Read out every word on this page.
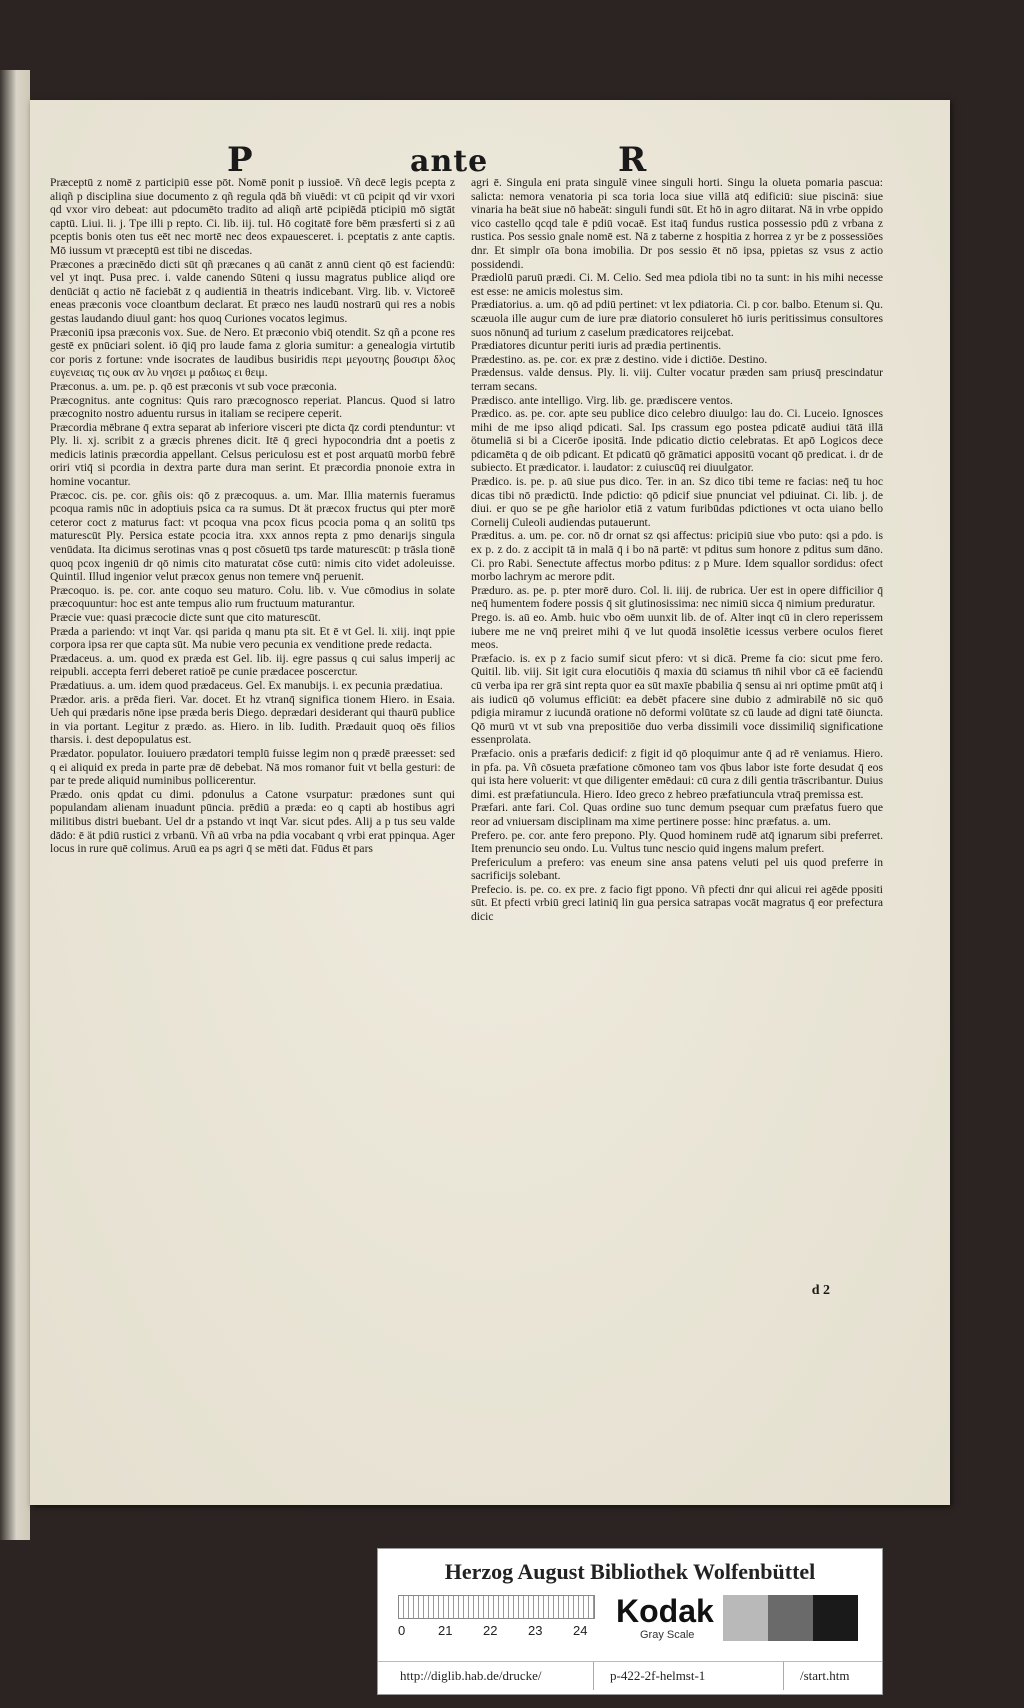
P	ante	R
Præceptū z nomē z participiū esse pōt. Nomē ponit p iussioē. Vñ decē legis pcepta z aliqñ p disciplina siue documento z qñ regula qdā bñ viuēdi: vt cū pcipit qd vir vxori qd vxor viro debeat: aut pdocumēto tradito ad aliqñ artē pcipiēdā pticipiū mō sigtāt captū. Liui. li. j. Tpe illi p repto. Ci. lib. iij. tul. Hō cogitatē fore bēm præsferti si z aū pceptis bonis oten tus eēt nec mortē nec deos expauesceret. i. pceptatis z ante captis. Mō iussum vt præceptū est tibi ne discedas.
Præcones a præcinēdo dicti sūt qñ præcanes q aū canāt z annū cient qō est faciendū: vel yt inqt. Pusa prec. i. valde canendo Sūteni q iussu magratus publice aliqd ore denūciāt q actio nē faciebāt z q audientiā in theatris indicebant. Virg. lib. v. Victoreē eneas præconis voce cloantbum declarat. Et præco nes laudū nostrarū qui res a nobis gestas laudando diuul gant: hos quoq Curiones vocatos legimus.
Præconiū ipsa præconis vox. Sue. de Nero. Et præconio vbiq̄ otendit. Sz qñ a pcone res gestē ex pnūciari solent. iō q̄iq̄ pro laude fama z gloria sumitur: a genealogia virtutib cor poris z fortune: vnde isocrates de laudibus busiridis περι μεγουτης βουσιρι δλος ευγενειας τις ουκ αν λυ νησει μ ραδιως ει θειμ.
Præconus. a. um. pe. p. qō est præconis vt sub voce præconia.
Præcognitus. ante cognitus: Quis raro præcognosco reperiat. Plancus. Quod si latro præcognito nostro aduentu rursus in italiam se recipere ceperit.
Præcordia mēbrane q̄ extra separat ab inferiore visceri pte dicta q̄z cordi ptenduntur: vt Ply. li. xj. scribit z a græcis phrenes dicit. Itē q̄ greci hypocondria dnt a poetis z medicis latinis præcordia appellant. Celsus periculosu est et post arquatū morbū febrē oriri vtiq̄ si pcordia in dextra parte dura man serint. Et præcordia pnonoie extra in homine vocantur.
Præcoc. cis. pe. cor. gñis ois: qō z præcoquus. a. um. Mar. Illia maternis fueramus pcoqua ramis nūc in adoptiuis psica ca ra sumus. Dt ät præcox fructus qui pter morē ceteror coct z maturus fact: vt pcoqua vna pcox ficus pcocia poma q an solitū tps maturescūt Ply. Persica estate pcocia itra. xxx annos repta z pmo denarijs singula venūdata. Ita dicimus serotinas vnas q post cōsuetū tps tarde maturescūt: p trāsla tionē quoq pcox ingeniū dr qō nimis cito maturatat cōse cutū: nimis cito videt adoleuisse. Quintil. Illud ingenior velut præcox genus non temere vnq̄ peruenit.
Præcoquo. is. pe. cor. ante coquo seu maturo. Colu. lib. v. Vue cōmodius in solate præcoquuntur: hoc est ante tempus alio rum fructuum maturantur.
Præcie vue: quasi præcocie dicte sunt que cito maturescūt.
Præda a pariendo: vt inqt Var. qsi parida q manu pta sit. Et ē vt Gel. li. xiij. inqt ppie corpora ipsa rer que capta sūt. Ma nubie vero pecunia ex venditione prede redacta.
Prædaceus. a. um. quod ex præda est Gel. lib. iij. egre passus q cui salus imperij ac reipubli. accepta ferri deberet ratioē pe cunie prædacee poscerctur.
Prædatiuus. a. um. idem quod prædaceus. Gel. Ex manubijs. i. ex pecunia prædatiua.
Prædor. aris. a prēda fieri. Var. docet. Et hz vtranq̄ significa tionem Hiero. in Esaia. Ueh qui prædaris nōne ipse præda beris Diego. deprædari desiderant qui thaurū publice in via portant. Legitur z prædo. as. Hiero. in lib. Iudith. Prædauit quoq oēs filios tharsis. i. dest depopulatus est.
Prædator. populator. Iouiuero prædatori templū fuisse legim non q prædē præesset: sed q ei aliquid ex preda in parte præ dē debebat. Nā mos romanor fuit vt bella gesturi: de par te prede aliquid numinibus pollicerentur.
Prædo. onis qpdat cu dimi. pdonulus a Catone vsurpatur: prædones sunt qui populandam alienam inuadunt pūncia. prēdiū a præda: eo q capti ab hostibus agri militibus distri buebant. Uel dr a pstando vt inqt Var. sicut pdes. Alij a p tus seu valde dādo: ē ät pdiū rustici z vrbanū. Vñ aū vrba na pdia vocabant q vrbi erat ppinqua. Ager locus in rure quē colimus. Aruū ea ps agri q̄ se mēti dat. Fūdus ēt pars
agri ē. Singula eni prata singulē vinee singuli horti. Singu la olueta pomaria pascua: salicta: nemora venatoria pi sca toria loca siue villā atq̄ edificiū: siue piscinā: siue vinaria ha beāt siue nō habeāt: singuli fundi sūt. Et hō in agro diitarat. Nā in vrbe oppido vico castello qcqd tale ē pdiū vocaē. Est itaq̄ fundus rustica possessio pdū z vrbana z rustica. Pos sessio gnale nomē est. Nā z taberne z hospitia z horrea z yr be z possessiōes dnr. Et simplr oīa bona imobilia. Dr pos sessio ēt nō ipsa, ppietas sz vsus z actio possidendi.
Prædiolū paruū prædi. Ci. M. Celio. Sed mea pdiola tibi no ta sunt: in his mihi necesse est esse: ne amicis molestus sim.
Prædiatorius. a. um. qō ad pdiū pertinet: vt lex pdiatoria. Ci. p cor. balbo. Etenum si. Qu. scæuola ille augur cum de iure præ diatorio consuleret hō iuris peritissimus consultores suos nōnunq̄ ad turium z caselum prædicatores reijcebat.
Prædiatores dicuntur periti iuris ad prædia pertinentis.
Prædestino. as. pe. cor. ex præ z destino. vide i dictiōe. Destino.
Prædensus. valde densus. Ply. li. viij. Culter vocatur præden sam priusq̄ prescindatur terram secans.
Prædisco. ante intelligo. Virg. lib. ge. prædiscere ventos.
Prædico. as. pe. cor. apte seu publice dico celebro diuulgo: lau do. Ci. Luceio. Ignosces mihi de me ipso aliqd pdicati. Sal. Ips crassum ego postea pdicatē audiui tātā illā ötumeliā si bi a Cicerōe ipositā. Inde pdicatio dictio celebratas. Et apō Logicos dece pdicamēta q de oib pdicant. Et pdicatū qō grāmatici appositū vocant qō predicat. i. dr de subiecto. Et prædicator. i. laudator: z cuiuscūq̄ rei diuulgator.
Prædico. is. pe. p. aū siue pus dico. Ter. in an. Sz dico tibi teme re facias: neq̄ tu hoc dicas tibi nō prædictū. Inde pdictio: qō pdicif siue pnunciat vel pdiuinat. Ci. lib. j. de diui. er quo se pe gñe hariolor etiā z vatum furibūdas pdictiones vt octa uiano bello Cornelij Culeoli audiendas putauerunt.
Præditus. a. um. pe. cor. nō dr ornat sz qsi affectus: pricipiū siue vbo puto: qsi a pdo. is ex p. z do. z accipit tā in malā q̄ i bo nā partē: vt pditus sum honore z pditus sum dāno. Ci. pro Rabi. Senectute affectus morbo pditus: z p Mure. Idem squallor sordidus: ofect morbo lachrym ac merore pdit.
Præduro. as. pe. p. pter morē duro. Col. li. iiij. de rubrica. Uer est in opere difficilior q̄ neq̄ humentem fodere possis q̄ sit glutinosissima: nec nimiū sicca q̄ nimium preduratur.
Prego. is. aū eo. Amb. huic vbo oēm uunxit lib. de of. Alter inqt cū in clero reperissem iubere me ne vnq̄ preiret mihi q̄ ve lut quodā insolētie icessus verbere oculos fieret meos.
Præfacio. is. ex p z facio sumif sicut pfero: vt si dicā. Preme fa cio: sicut pme fero. Quitil. lib. viij. Sit igit cura elocutiōis q̄ maxia dū sciamus tn̄ nihil vbor cā eē faciendū cū verba ipa rer grā sint repta quor ea sūt maxīe pbabilia q̄ sensu ai nri optime pmūt atq̄ i ais iudicū qō volumus efficiūt: ea debēt pfacere sine dubio z admirabilē nō sic quō pdigia miramur z iucundā oratione nō deformi volūtate sz cū laude ad digni tatē ōiuncta. Qō murū vt vt sub vna prepositiōe duo verba dissimili voce dissimiliq̄ significatione essenprolata.
Præfacio. onis a præfaris dedicif: z figit id qō ploquimur ante q̄ ad rē veniamus. Hiero. in pfa. pa. Vñ cōsueta præfatione cōmoneo tam vos q̄bus labor iste forte desudat q̄ eos qui ista here voluerit: vt que diligenter emēdaui: cū cura z dili gentia trāscribantur. Duius dimi. est præfatiuncula. Hiero. Ideo greco z hebreo præfatiuncula vtraq̄ premissa est.
Præfari. ante fari. Col. Quas ordine suo tunc demum psequar cum præfatus fuero que reor ad vniuersam disciplinam ma xime pertinere posse: hinc præfatus. a. um.
Prefero. pe. cor. ante fero prepono. Ply. Quod hominem rudē atq̄ ignarum sibi preferret. Item prenuncio seu ondo. Lu. Vultus tunc nescio quid ingens malum prefert.
Prefericulum a prefero: vas eneum sine ansa patens veluti pel uis quod preferre in sacrificijs solebant.
Prefecio. is. pe. co. ex pre. z facio figt ppono. Vñ pfecti dnr qui alicui rei agēde ppositi sūt. Et pfecti vrbiū greci latiniq̄ lin gua persica satrapas vocāt magratus q̄ eor prefectura dicic
d 2
Herzog August Bibliothek Wolfenbüttel
0	21 22 23 24
Kodak
Gray Scale
http://diglib.hab.de/drucke/	p-422-2f-helmst-1	/start.htm
